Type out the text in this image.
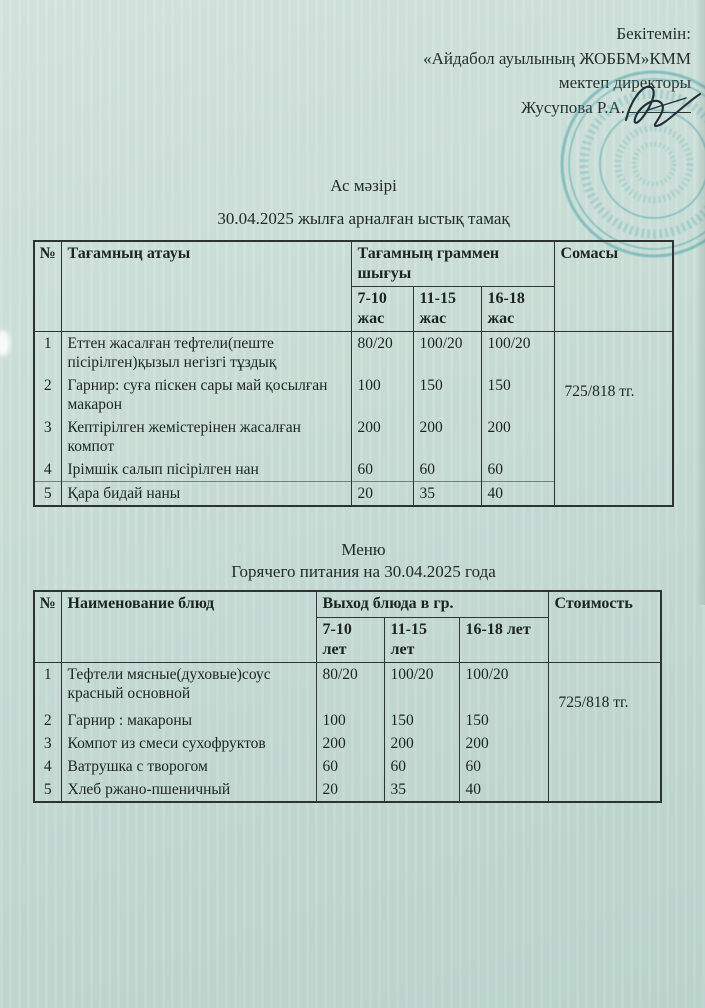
Бекітемін:
«Айдабол ауылының ЖОББМ»КММ
мектеп директоры
Жусупова Р.А.
Ас мәзірі
30.04.2025 жылға арналған ыстық тамақ
№	Тағамның атауы	Тағамның граммен шығуы			Сомасы
		7-10 жас	11-15 жас	16-18 жас	
1	Еттен жасалған тефтели(пеште пісірілген)қызыл негізгі тұздық	80/20	100/20	100/20	725/818 тг.
2	Гарнир: суға піскен сары май қосылған макарон	100	150	150	
3	Кептірілген жемістерінен жасалған компот	200	200	200	
4	Ірімшік салып пісірілген нан	60	60	60	
5	Қара бидай наны	20	35	40	
Меню
Горячего питания на 30.04.2025 года
№	Наименование блюд	Выход блюда в гр.			Стоимость
		7-10 лет	11-15 лет	16-18 лет	
1	Тефтели мясные(духовые)соус красный основной	80/20	100/20	100/20	725/818 тг.
2	Гарнир : макароны	100	150	150	
3	Компот из смеси сухофруктов	200	200	200	
4	Ватрушка с творогом	60	60	60	
5	Хлеб ржано-пшеничный	20	35	40	
